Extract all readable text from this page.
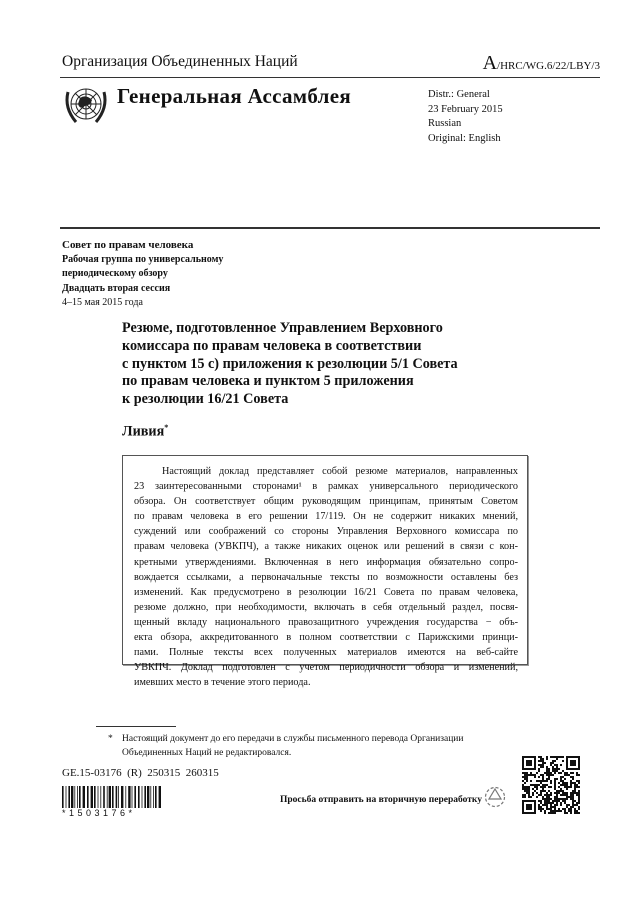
Организация Объединенных Наций	A/HRC/WG.6/22/LBY/3
Генеральная Ассамблея	Distr.: General
23 February 2015
Russian
Original: English
Совет по правам человека
Рабочая группа по универсальному
периодическому обзору
Двадцать вторая сессия
4–15 мая 2015 года
Резюме, подготовленное Управлением Верховного
комиссара по правам человека в соответствии
с пунктом 15 с) приложения к резолюции 5/1 Совета
по правам человека и пунктом 5 приложения
к резолюции 16/21 Совета
Ливия*
Настоящий доклад представляет собой резюме материалов, направленных
23 заинтересованными сторонами¹ в рамках универсального периодического
обзора. Он соответствует общим руководящим принципам, принятым Советом
по правам человека в его решении 17/119. Он не содержит никаких мнений,
суждений или соображений со стороны Управления Верховного комиссара по
правам человека (УВКПЧ), а также никаких оценок или решений в связи с кон-
кретными утверждениями. Включенная в него информация обязательно сопро-
вождается ссылками, а первоначальные тексты по возможности оставлены без
изменений. Как предусмотрено в резолюции 16/21 Совета по правам человека,
резюме должно, при необходимости, включать в себя отдельный раздел, посвя-
щенный вкладу национального правозащитного учреждения государства − объ-
екта обзора, аккредитованного в полном соответствии с Парижскими принци-
пами. Полные тексты всех полученных материалов имеются на веб-сайте
УВКПЧ. Доклад подготовлен с учетом периодичности обзора и изменений,
имевших место в течение этого периода.
* Настоящий документ до его передачи в службы письменного перевода Организации
Объединенных Наций не редактировался.
GE.15-03176  (R)  250315  260315
*1503176*
Просьба отправить на вторичную переработку
